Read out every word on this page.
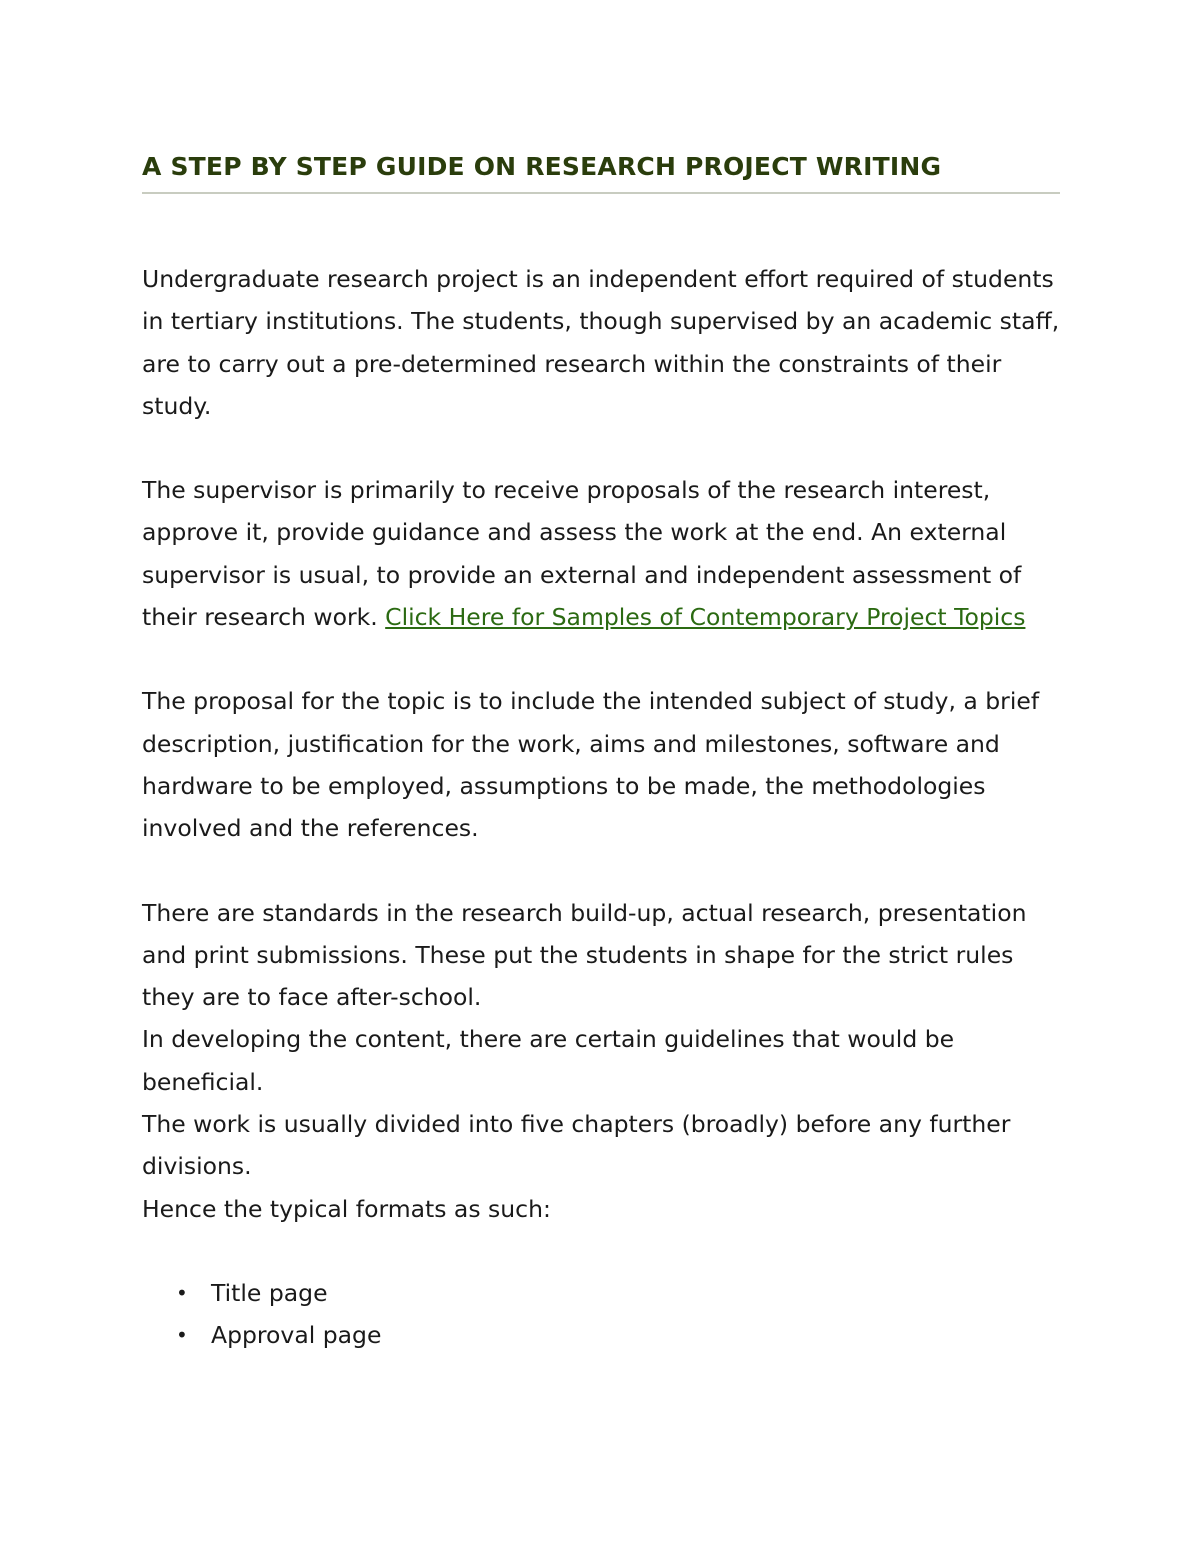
A STEP BY STEP GUIDE ON RESEARCH PROJECT WRITING

Undergraduate research project is an independent effort required of students in tertiary institutions. The students, though supervised by an academic staff, are to carry out a pre-determined research within the constraints of their study.

The supervisor is primarily to receive proposals of the research interest, approve it, provide guidance and assess the work at the end. An external supervisor is usual, to provide an external and independent assessment of their research work. Click Here for Samples of Contemporary Project Topics

The proposal for the topic is to include the intended subject of study, a brief description, justification for the work, aims and milestones, software and hardware to be employed, assumptions to be made, the methodologies involved and the references.

There are standards in the research build-up, actual research, presentation and print submissions. These put the students in shape for the strict rules they are to face after-school.

In developing the content, there are certain guidelines that would be beneficial.

The work is usually divided into five chapters (broadly) before any further divisions.

Hence the typical formats as such:

• Title page
• Approval page
